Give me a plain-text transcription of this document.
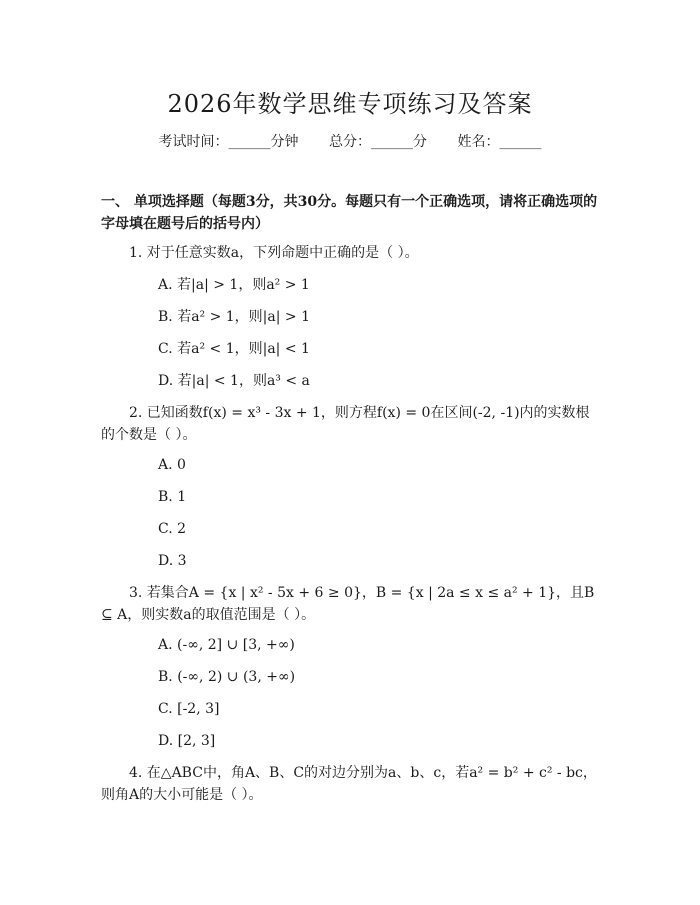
2026年数学思维专项练习及答案
考试时间：______分钟 总分：______分 姓名：______
一、 单项选择题（每题3分，共30分。每题只有一个正确选项，请将正确选项的字母填在题号后的括号内）
1. 对于任意实数a，下列命题中正确的是（ ）。
A. 若|a| > 1，则a² > 1
B. 若a² > 1，则|a| > 1
C. 若a² < 1，则|a| < 1
D. 若|a| < 1，则a³ < a
2. 已知函数f(x) = x³ - 3x + 1，则方程f(x) = 0在区间(-2, -1)内的实数根的个数是（ ）。
A. 0
B. 1
C. 2
D. 3
3. 若集合A = {x | x² - 5x + 6 ≥ 0}，B = {x | 2a ≤ x ≤ a² + 1}，且B ⊆ A，则实数a的取值范围是（ ）。
A. (-∞, 2] ∪ [3, +∞)
B. (-∞, 2) ∪ (3, +∞)
C. [-2, 3]
D. [2, 3]
4. 在△ABC中，角A、B、C的对边分别为a、b、c，若a² = b² + c² - bc，则角A的大小可能是（ ）。
